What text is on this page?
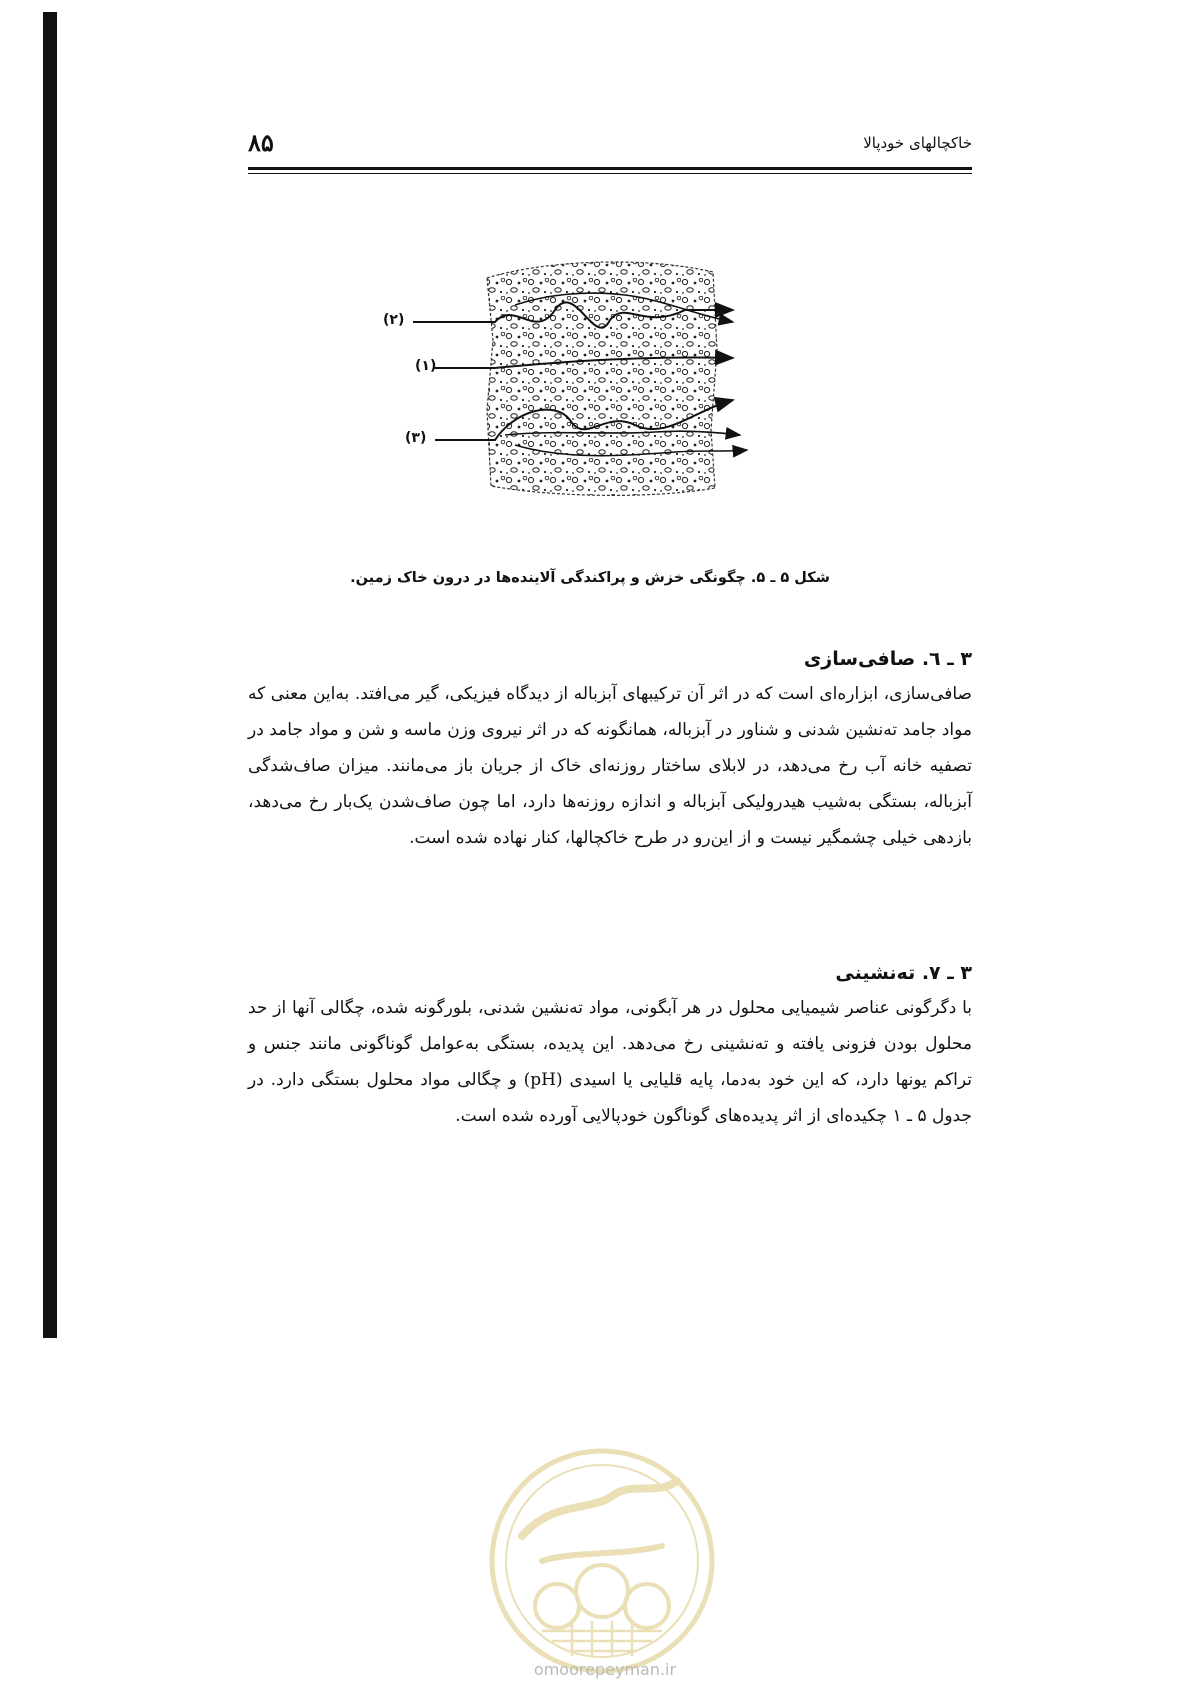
۸۵	خاکچالهای خودپالا
(۲)
(۱)
(۳)
شکل ۵ ـ ۵. چگونگی خزش و پراکندگی آلاینده‌ها در درون خاک زمین.
۳ ـ ٦. صافی‌سازی

صافی‌سازی، ابزاره‌ای است که در اثر آن ترکیبهای آبزباله از دیدگاه فیزیکی، گیر می‌افتد. به‌این معنی که مواد جامد ته‌نشین شدنی و شناور در آبزباله، همانگونه که در اثر نیروی وزن ماسه و شن و مواد جامد در تصفیه خانه آب رخ می‌دهد، در لابلای ساختار روزنه‌ای خاک از جریان باز می‌مانند. میزان صاف‌شدگی آبزباله، بستگی به‌شیب هیدرولیکی آبزباله و اندازه روزنه‌ها دارد، اما چون صاف‌شدن یک‌بار رخ می‌دهد، بازدهی خیلی چشمگیر نیست و از این‌رو در طرح خاکچالها، کنار نهاده شده است.

۳ ـ ۷. ته‌نشینی

با دگرگونی عناصر شیمیایی محلول در هر آبگونی، مواد ته‌نشین شدنی، بلورگونه شده، چگالی آنها از حد محلول بودن فزونی یافته و ته‌نشینی رخ می‌دهد. این پدیده، بستگی به‌عوامل گوناگونی مانند جنس و تراکم یونها دارد، که این خود به‌دما، پایه قلیایی یا اسیدی (pH) و چگالی مواد محلول بستگی دارد. در جدول ۵ ـ ۱ چکیده‌ای از اثر پدیده‌های گوناگون خودپالایی آورده شده است.

omoorepeyman.ir
